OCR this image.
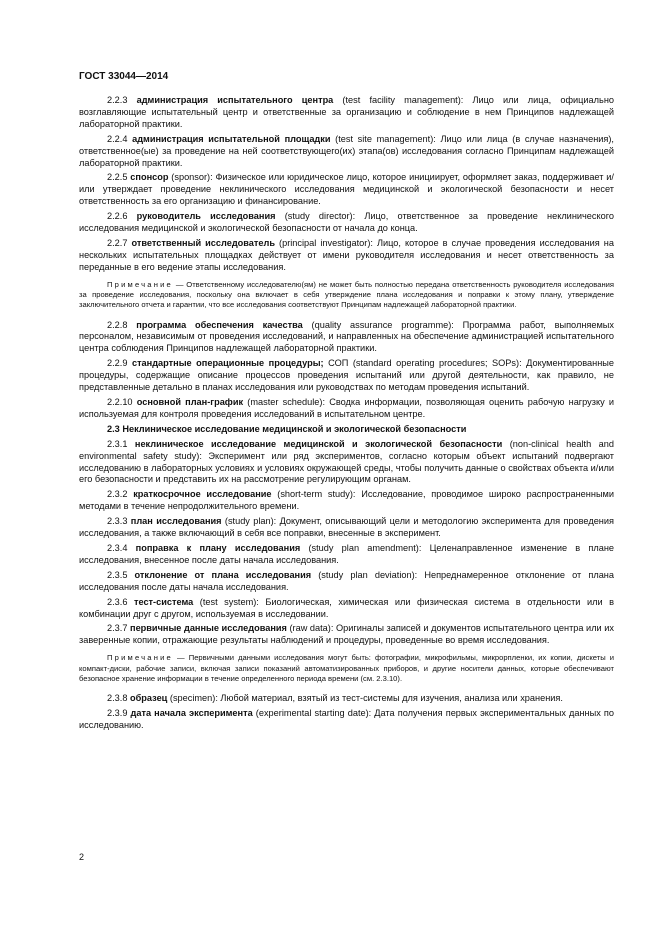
ГОСТ 33044—2014

2.2.3 администрация испытательного центра (test facility management): Лицо или лица, официально возглавляющие испытательный центр и ответственные за организацию и соблюдение в нем Принципов надлежащей лабораторной практики.

2.2.4 администрация испытательной площадки (test site management): Лицо или лица (в случае назначения), ответственное(ые) за проведение на ней соответствующего(их) этапа(ов) исследования согласно Принципам надлежащей лабораторной практики.

2.2.5 спонсор (sponsor): Физическое или юридическое лицо, которое инициирует, оформляет заказ, поддерживает и/или утверждает проведение неклинического исследования медицинской и экологической безопасности и несет ответственность за его организацию и финансирование.

2.2.6 руководитель исследования (study director): Лицо, ответственное за проведение неклинического исследования медицинской и экологической безопасности от начала до конца.

2.2.7 ответственный исследователь (principal investigator): Лицо, которое в случае проведения исследования на нескольких испытательных площадках действует от имени руководителя исследования и несет ответственность за переданные в его ведение этапы исследования.

Примечание — Ответственному исследователю(ям) не может быть полностью передана ответственность руководителя исследования за проведение исследования, поскольку она включает в себя утверждение плана исследования и поправки к этому плану, утверждение заключительного отчета и гарантии, что все исследования соответствуют Принципам надлежащей лабораторной практики.

2.2.8 программа обеспечения качества (quality assurance programme): Программа работ, выполняемых персоналом, независимым от проведения исследований, и направленных на обеспечение администрацией испытательного центра соблюдения Принципов надлежащей лабораторной практики.

2.2.9 стандартные операционные процедуры; СОП (standard operating procedures; SOPs): Документированные процедуры, содержащие описание процессов проведения испытаний или другой деятельности, как правило, не представленные детально в планах исследования или руководствах по методам проведения испытаний.

2.2.10 основной план-график (master schedule): Сводка информации, позволяющая оценить рабочую нагрузку и используемая для контроля проведения исследований в испытательном центре.

2.3 Неклиническое исследование медицинской и экологической безопасности

2.3.1 неклиническое исследование медицинской и экологической безопасности (non-clinical health and environmental safety study): Эксперимент или ряд экспериментов, согласно которым объект испытаний подвергают исследованию в лабораторных условиях и условиях окружающей среды, чтобы получить данные о свойствах объекта и/или его безопасности и представить их на рассмотрение регулирующим органам.

2.3.2 краткосрочное исследование (short-term study): Исследование, проводимое широко распространенными методами в течение непродолжительного времени.

2.3.3 план исследования (study plan): Документ, описывающий цели и методологию эксперимента для проведения исследования, а также включающий в себя все поправки, внесенные в эксперимент.

2.3.4 поправка к плану исследования (study plan amendment): Целенаправленное изменение в плане исследования, внесенное после даты начала исследования.

2.3.5 отклонение от плана исследования (study plan deviation): Непреднамеренное отклонение от плана исследования после даты начала исследования.

2.3.6 тест-система (test system): Биологическая, химическая или физическая система в отдельности или в комбинации друг с другом, используемая в исследовании.

2.3.7 первичные данные исследования (raw data): Оригиналы записей и документов испытательного центра или их заверенные копии, отражающие результаты наблюдений и процедуры, проведенные во время исследования.

Примечание — Первичными данными исследования могут быть: фотографии, микрофильмы, микрорпленки, их копии, дискеты и компакт-диски, рабочие записи, включая записи показаний автоматизированных приборов, и другие носители данных, которые обеспечивают безопасное хранение информации в течение определенного периода времени (см. 2.3.10).

2.3.8 образец (specimen): Любой материал, взятый из тест-системы для изучения, анализа или хранения.

2.3.9 дата начала эксперимента (experimental starting date): Дата получения первых экспериментальных данных по исследованию.

2
